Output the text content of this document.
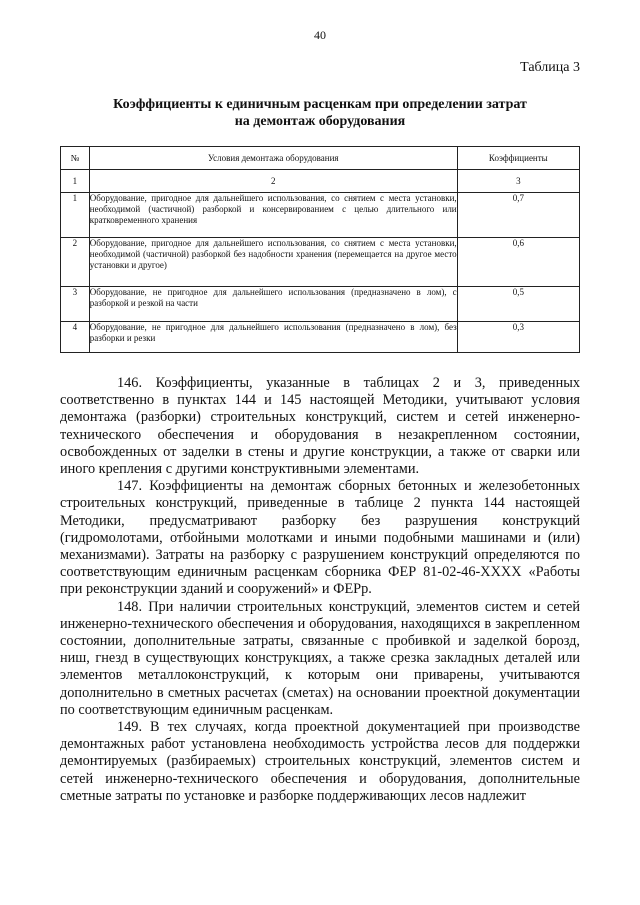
40
Таблица 3
Коэффициенты к единичным расценкам при определении затрат
на демонтаж оборудования
№	Условия демонтажа оборудования	Коэффициенты
1	2	3
1	Оборудование, пригодное для дальнейшего использования, со снятием с места установки, необходимой (частичной) разборкой и консервированием с целью длительного или кратковременного хранения	0,7
2	Оборудование, пригодное для дальнейшего использования, со снятием с места установки, необходимой (частичной) разборкой без надобности хранения (перемещается на другое место установки и другое)	0,6
3	Оборудование, не пригодное для дальнейшего использования (предназначено в лом), с разборкой и резкой на части	0,5
4	Оборудование, не пригодное для дальнейшего использования (предназначено в лом), без разборки и резки	0,3

146. Коэффициенты, указанные в таблицах 2 и 3, приведенных соответственно в пунктах 144 и 145 настоящей Методики, учитывают условия демонтажа (разборки) строительных конструкций, систем и сетей инженерно-технического обеспечения и оборудования в незакрепленном состоянии, освобожденных от заделки в стены и другие конструкции, а также от сварки или иного крепления с другими конструктивными элементами.

147. Коэффициенты на демонтаж сборных бетонных и железобетонных строительных конструкций, приведенные в таблице 2 пункта 144 настоящей Методики, предусматривают разборку без разрушения конструкций (гидромолотами, отбойными молотками и иными подобными машинами и (или) механизмами). Затраты на разборку с разрушением конструкций определяются по соответствующим единичным расценкам сборника ФЕР 81-02-46-XXXX «Работы при реконструкции зданий и сооружений» и ФЕРр.

148. При наличии строительных конструкций, элементов систем и сетей инженерно-технического обеспечения и оборудования, находящихся в закрепленном состоянии, дополнительные затраты, связанные с пробивкой и заделкой борозд, ниш, гнезд в существующих конструкциях, а также срезка закладных деталей или элементов металлоконструкций, к которым они приварены, учитываются дополнительно в сметных расчетах (сметах) на основании проектной документации по соответствующим единичным расценкам.

149. В тех случаях, когда проектной документацией при производстве демонтажных работ установлена необходимость устройства лесов для поддержки демонтируемых (разбираемых) строительных конструкций, элементов систем и сетей инженерно-технического обеспечения и оборудования, дополнительные сметные затраты по установке и разборке поддерживающих лесов надлежит
